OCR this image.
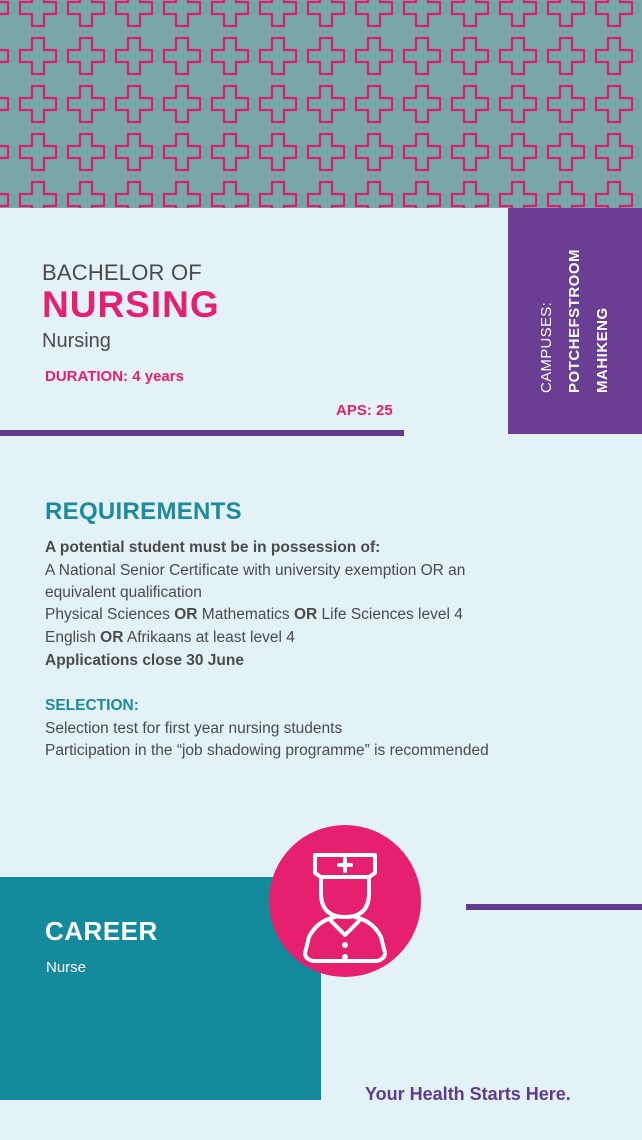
BACHELOR OF
NURSING
Nursing
DURATION: 4 years
APS: 25
CAMPUSES: POTCHEFSTROOM MAHIKENG
REQUIREMENTS
A potential student must be in possession of:
A National Senior Certificate with university exemption OR an
equivalent qualification
Physical Sciences OR Mathematics OR Life Sciences level 4
English OR Afrikaans at least level 4
Applications close 30 June
SELECTION:
Selection test for first year nursing students
Participation in the “job shadowing programme” is recommended
CAREER
Nurse
Your Health Starts Here.
